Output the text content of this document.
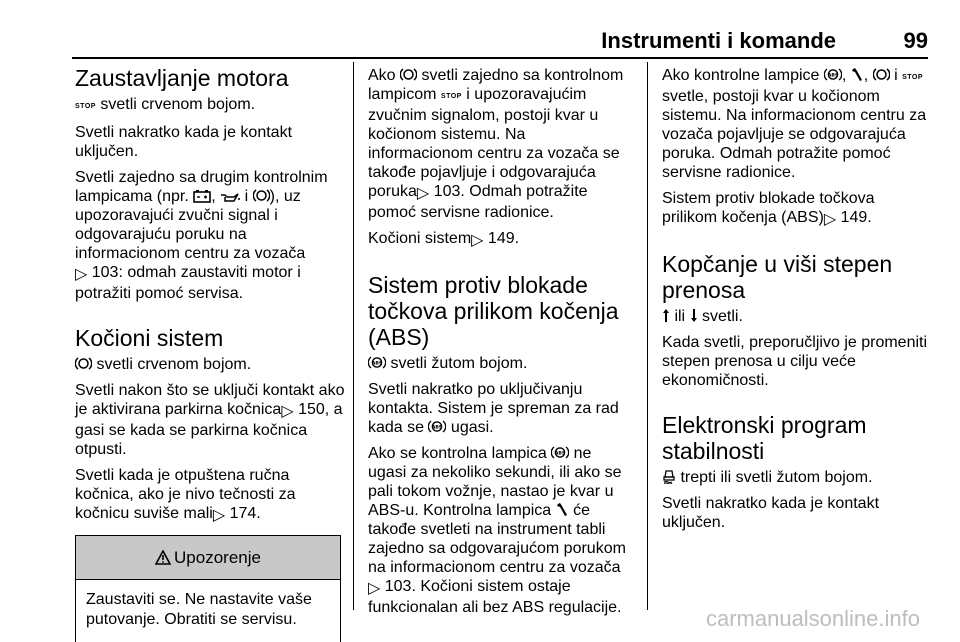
Instrumenti i komande	99
Zaustavljanje motora

STOP svetli crvenom bojom.

Svetli nakratko kada je kontakt uključen.

Svetli zajedno sa drugim kontrolnim lampicama (npr. ,  i ), uz upozoravajući zvučni signal i odgovarajuću poruku na informacionom centru za vozača
▷ 103: odmah zaustaviti motor i potražiti pomoć servisa.

Kočioni sistem

svetli crvenom bojom.

Svetli nakon što se uključi kontakt ako je aktivirana parkirna kočnica▷ 150, a gasi se kada se parkirna kočnica otpusti.

Svetli kada je otpuštena ručna kočnica, ako je nivo tečnosti za kočnicu suviše mali▷ 174.

Upozorenje
Zaustaviti se. Ne nastavite vaše putovanje. Obratiti se servisu.

Ako  svetli zajedno sa kontrolnom lampicom STOP i upozoravajućim zvučnim signalom, postoji kvar u kočionom sistemu. Na informacionom centru za vozača se takođe pojavljuje i odgovarajuća poruka▷ 103. Odmah potražite pomoć servisne radionice.

Kočioni sistem▷ 149.

Sistem protiv blokade točkova prilikom kočenja (ABS)

ABS svetli žutom bojom.

Svetli nakratko po uključivanju kontakta. Sistem je spreman za rad kada se ABS ugasi.

Ako se kontrolna lampica ABS ne ugasi za nekoliko sekundi, ili ako se pali tokom vožnje, nastao je kvar u ABS-u. Kontrolna lampica  će takođe svetleti na instrument tabli zajedno sa odgovarajućom porukom na informacionom centru za vozača
▷ 103. Kočioni sistem ostaje funkcionalan ali bez ABS regulacije.

Ako kontrolne lampice ABS , ,  i STOP svetle, postoji kvar u kočionom sistemu. Na informacionom centru za vozača pojavljuje se odgovarajuća poruka. Odmah potražite pomoć servisne radionice.

Sistem protiv blokade točkova prilikom kočenja (ABS)▷ 149.

Kopčanje u viši stepen prenosa

ili  svetli.

Kada svetli, preporučljivo je promeniti stepen prenosa u cilju veće ekonomičnosti.

Elektronski program stabilnosti

trepti ili svetli žutom bojom.

Svetli nakratko kada je kontakt uključen.

carmanualsonline.info
